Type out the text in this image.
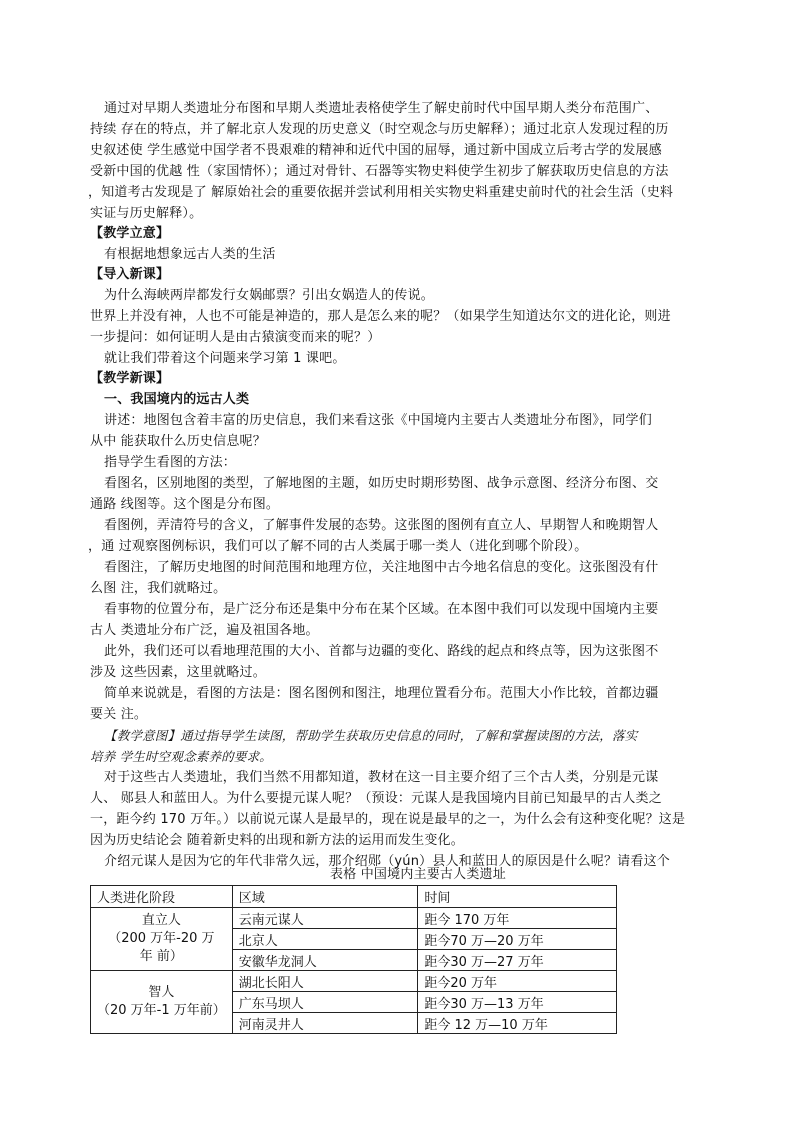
通过对早期人类遗址分布图和早期人类遗址表格使学生了解史前时代中国早期人类分布范围广、
持续 存在的特点，并了解北京人发现的历史意义（时空观念与历史解释）；通过北京人发现过程的历
史叙述使 学生感觉中国学者不畏艰难的精神和近代中国的屈辱，通过新中国成立后考古学的发展感
受新中国的优越 性（家国情怀）；通过对骨针、石器等实物史料使学生初步了解获取历史信息的方法
，知道考古发现是了 解原始社会的重要依据并尝试利用相关实物史料重建史前时代的社会生活（史料
实证与历史解释）。
【教学立意】
有根据地想象远古人类的生活
【导入新课】
为什么海峡两岸都发行女娲邮票？引出女娲造人的传说。
世界上并没有神，人也不可能是神造的，那人是怎么来的呢？（如果学生知道达尔文的进化论，则进
一步提问：如何证明人是由古猿演变而来的呢？）
就让我们带着这个问题来学习第 1 课吧。
【教学新课】
一、我国境内的远古人类
讲述：地图包含着丰富的历史信息，我们来看这张《中国境内主要古人类遗址分布图》，同学们
从中 能获取什么历史信息呢？
指导学生看图的方法：
看图名，区别地图的类型，了解地图的主题，如历史时期形势图、战争示意图、经济分布图、交
通路 线图等。这个图是分布图。
看图例，弄清符号的含义，了解事件发展的态势。这张图的图例有直立人、早期智人和晚期智人
，通 过观察图例标识，我们可以了解不同的古人类属于哪一类人（进化到哪个阶段）。
看图注，了解历史地图的时间范围和地理方位，关注地图中古今地名信息的变化。这张图没有什
么图 注，我们就略过。
看事物的位置分布，是广泛分布还是集中分布在某个区域。在本图中我们可以发现中国境内主要
古人 类遗址分布广泛，遍及祖国各地。
此外，我们还可以看地理范围的大小、首都与边疆的变化、路线的起点和终点等，因为这张图不
涉及 这些因素，这里就略过。
简单来说就是，看图的方法是：图名图例和图注，地理位置看分布。范围大小作比较，首都边疆
要关 注。
【教学意图】通过指导学生读图，帮助学生获取历史信息的同时，了解和掌握读图的方法，落实
培养 学生时空观念素养的要求。
对于这些古人类遗址，我们当然不用都知道，教材在这一目主要介绍了三个古人类，分别是元谋
人、 郧县人和蓝田人。为什么要提元谋人呢？（预设：元谋人是我国境内目前已知最早的古人类之
一，距今约 170 万年。）以前说元谋人是最早的，现在说是最早的之一，为什么会有这种变化呢？这是
因为历史结论会 随着新史料的出现和新方法的运用而发生变化。
介绍元谋人是因为它的年代非常久远，那介绍郧（yún）县人和蓝田人的原因是什么呢？请看这个
表格 中国境内主要古人类遗址
人类进化阶段	区域	时间

直立人
（200 万年-20 万
年 前）	云南元谋人	距今 170 万年
	北京人	距今70 万—20 万年
	安徽华龙洞人	距今30 万—27 万年

智人
（20 万年-1 万年前）	湖北长阳人	距今20 万年
	广东马坝人	距今30 万—13 万年
	河南灵井人	距今 12 万—10 万年
